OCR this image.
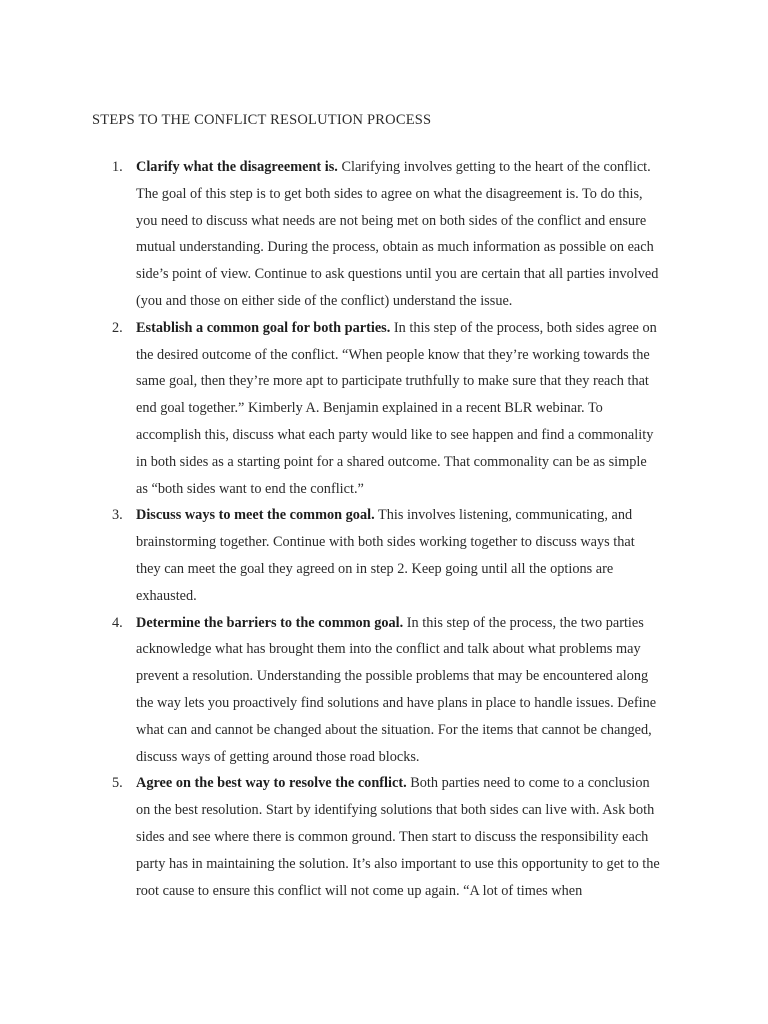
STEPS TO THE CONFLICT RESOLUTION PROCESS
1. Clarify what the disagreement is. Clarifying involves getting to the heart of the conflict. The goal of this step is to get both sides to agree on what the disagreement is. To do this, you need to discuss what needs are not being met on both sides of the conflict and ensure mutual understanding. During the process, obtain as much information as possible on each side’s point of view. Continue to ask questions until you are certain that all parties involved (you and those on either side of the conflict) understand the issue.
2. Establish a common goal for both parties. In this step of the process, both sides agree on the desired outcome of the conflict. “When people know that they’re working towards the same goal, then they’re more apt to participate truthfully to make sure that they reach that end goal together.” Kimberly A. Benjamin explained in a recent BLR webinar. To accomplish this, discuss what each party would like to see happen and find a commonality in both sides as a starting point for a shared outcome. That commonality can be as simple as “both sides want to end the conflict.”
3. Discuss ways to meet the common goal. This involves listening, communicating, and brainstorming together. Continue with both sides working together to discuss ways that they can meet the goal they agreed on in step 2. Keep going until all the options are exhausted.
4. Determine the barriers to the common goal. In this step of the process, the two parties acknowledge what has brought them into the conflict and talk about what problems may prevent a resolution. Understanding the possible problems that may be encountered along the way lets you proactively find solutions and have plans in place to handle issues. Define what can and cannot be changed about the situation. For the items that cannot be changed, discuss ways of getting around those road blocks.
5. Agree on the best way to resolve the conflict. Both parties need to come to a conclusion on the best resolution. Start by identifying solutions that both sides can live with. Ask both sides and see where there is common ground. Then start to discuss the responsibility each party has in maintaining the solution. It’s also important to use this opportunity to get to the root cause to ensure this conflict will not come up again. “A lot of times when
